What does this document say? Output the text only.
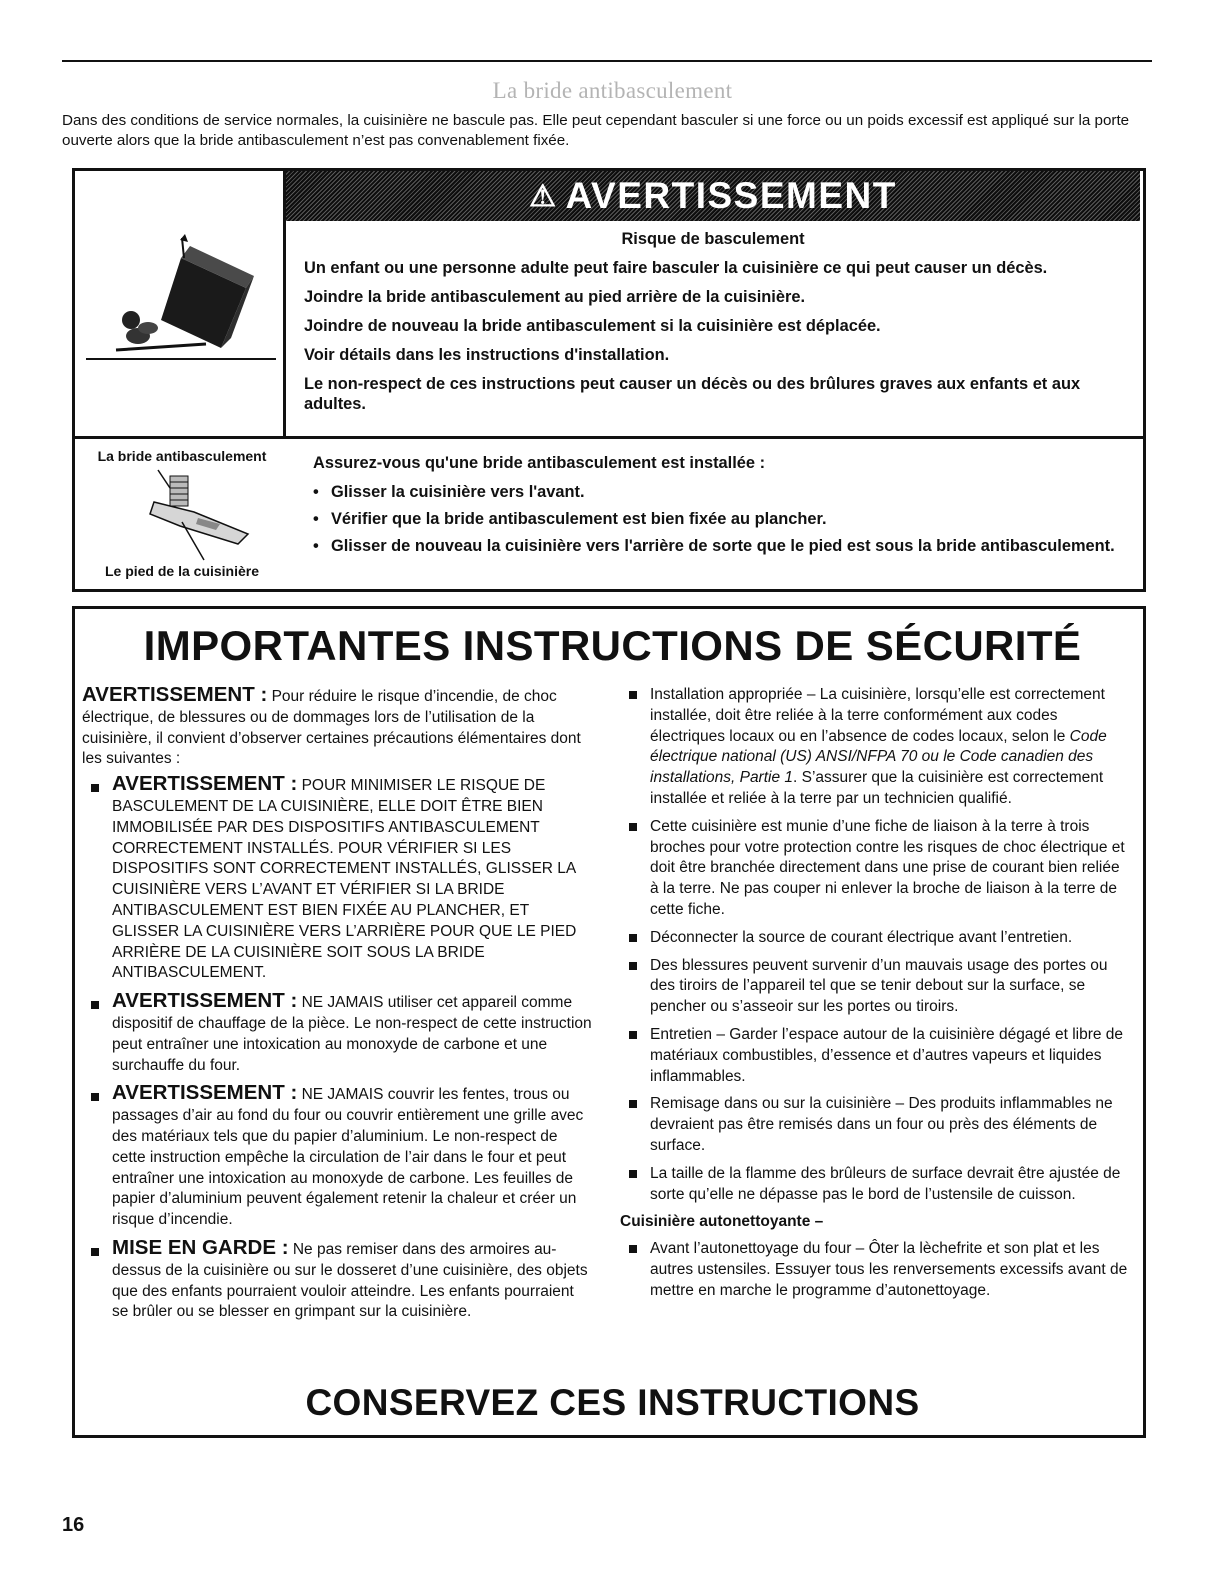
La bride antibasculement
Dans des conditions de service normales, la cuisinière ne bascule pas. Elle peut cependant basculer si une force ou un poids excessif est appliqué sur la porte ouverte alors que la bride antibasculement n’est pas convenablement fixée.
⚠ AVERTISSEMENT
Risque de basculement

Un enfant ou une personne adulte peut faire basculer la cuisinière ce qui peut causer un décès.

Joindre la bride antibasculement au pied arrière de la cuisinière.

Joindre de nouveau la bride antibasculement si la cuisinière est déplacée.

Voir détails dans les instructions d'installation.

Le non-respect de ces instructions peut causer un décès ou des brûlures graves aux enfants et aux adultes.

La bride antibasculement
Le pied de la cuisinière

Assurez-vous qu'une bride antibasculement est installée :

• Glisser la cuisinière vers l'avant.
• Vérifier que la bride antibasculement est bien fixée au plancher.
• Glisser de nouveau la cuisinière vers l'arrière de sorte que le pied est sous la bride antibasculement.
IMPORTANTES INSTRUCTIONS DE SÉCURITÉ
AVERTISSEMENT : Pour réduire le risque d’incendie, de choc électrique, de blessures ou de dommages lors de l’utilisation de la cuisinière, il convient d’observer certaines précautions élémentaires dont les suivantes :
AVERTISSEMENT : POUR MINIMISER LE RISQUE DE BASCULEMENT DE LA CUISINIÈRE, ELLE DOIT ÊTRE BIEN IMMOBILISÉE PAR DES DISPOSITIFS ANTIBASCULEMENT CORRECTEMENT INSTALLÉS. POUR VÉRIFIER SI LES DISPOSITIFS SONT CORRECTEMENT INSTALLÉS, GLISSER LA CUISINIÈRE VERS L’AVANT ET VÉRIFIER SI LA BRIDE ANTIBASCULEMENT EST BIEN FIXÉE AU PLANCHER, ET GLISSER LA CUISINIÈRE VERS L’ARRIÈRE POUR QUE LE PIED ARRIÈRE DE LA CUISINIÈRE SOIT SOUS LA BRIDE ANTIBASCULEMENT.
AVERTISSEMENT : NE JAMAIS utiliser cet appareil comme dispositif de chauffage de la pièce. Le non-respect de cette instruction peut entraîner une intoxication au monoxyde de carbone et une surchauffe du four.
AVERTISSEMENT : NE JAMAIS couvrir les fentes, trous ou passages d’air au fond du four ou couvrir entièrement une grille avec des matériaux tels que du papier d’aluminium. Le non-respect de cette instruction empêche la circulation de l’air dans le four et peut entraîner une intoxication au monoxyde de carbone. Les feuilles de papier d’aluminium peuvent également retenir la chaleur et créer un risque d’incendie.
MISE EN GARDE : Ne pas remiser dans des armoires au-dessus de la cuisinière ou sur le dosseret d’une cuisinière, des objets que des enfants pourraient vouloir atteindre. Les enfants pourraient se brûler ou se blesser en grimpant sur la cuisinière.
Installation appropriée – La cuisinière, lorsqu’elle est correctement installée, doit être reliée à la terre conformément aux codes électriques locaux ou en l’absence de codes locaux, selon le Code électrique national (US) ANSI/NFPA 70 ou le Code canadien des installations, Partie 1. S’assurer que la cuisinière est correctement installée et reliée à la terre par un technicien qualifié.
Cette cuisinière est munie d’une fiche de liaison à la terre à trois broches pour votre protection contre les risques de choc électrique et doit être branchée directement dans une prise de courant bien reliée à la terre. Ne pas couper ni enlever la broche de liaison à la terre de cette fiche.
Déconnecter la source de courant électrique avant l’entretien.
Des blessures peuvent survenir d’un mauvais usage des portes ou des tiroirs de l’appareil tel que se tenir debout sur la surface, se pencher ou s’asseoir sur les portes ou tiroirs.
Entretien – Garder l’espace autour de la cuisinière dégagé et libre de matériaux combustibles, d’essence et d’autres vapeurs et liquides inflammables.
Remisage dans ou sur la cuisinière – Des produits inflammables ne devraient pas être remisés dans un four ou près des éléments de surface.
La taille de la flamme des brûleurs de surface devrait être ajustée de sorte qu’elle ne dépasse pas le bord de l’ustensile de cuisson.
Cuisinière autonettoyante –
Avant l’autonettoyage du four – Ôter la lèchefrite et son plat et les autres ustensiles. Essuyer tous les renversements excessifs avant de mettre en marche le programme d’autonettoyage.
CONSERVEZ CES INSTRUCTIONS
16
